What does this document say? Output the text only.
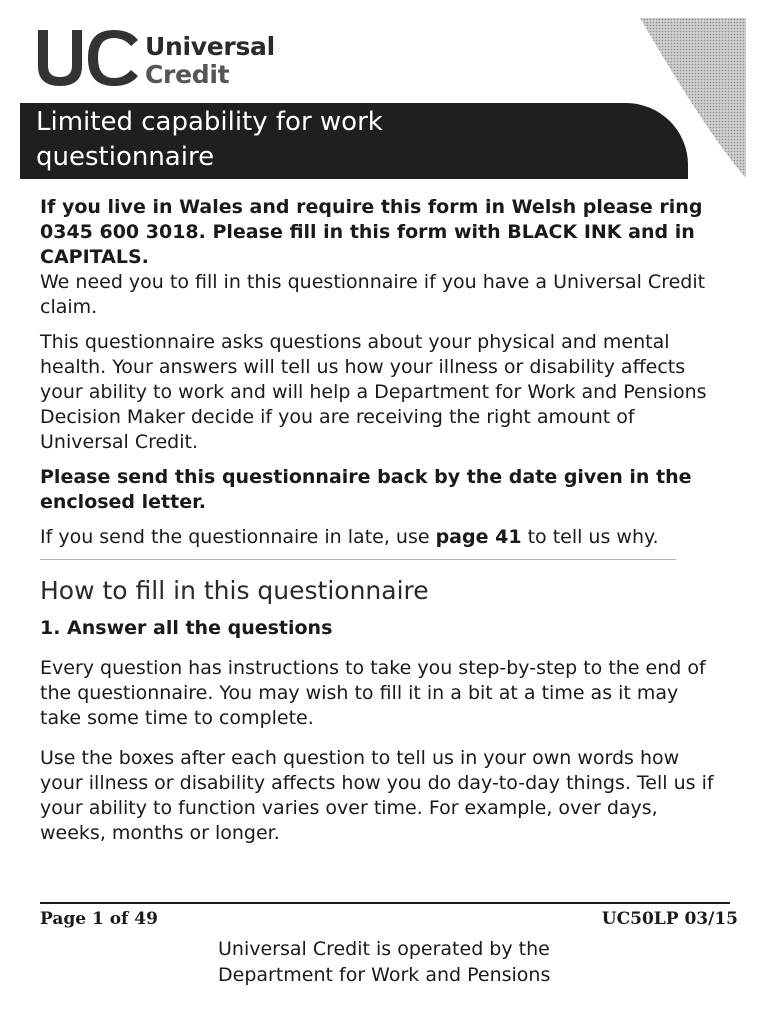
Universal
Credit
Limited capability for work questionnaire

If you live in Wales and require this form in Welsh please ring 0345 600 3018. Please fill in this form with BLACK INK and in CAPITALS.

We need you to fill in this questionnaire if you have a Universal Credit claim.

This questionnaire asks questions about your physical and mental health. Your answers will tell us how your illness or disability affects your ability to work and will help a Department for Work and Pensions Decision Maker decide if you are receiving the right amount of Universal Credit.

Please send this questionnaire back by the date given in the enclosed letter.

If you send the questionnaire in late, use page 41 to tell us why.

How to fill in this questionnaire

1. Answer all the questions

Every question has instructions to take you step-by-step to the end of the questionnaire. You may wish to fill it in a bit at a time as it may take some time to complete.

Use the boxes after each question to tell us in your own words how your illness or disability affects how you do day-to-day things. Tell us if your ability to function varies over time. For example, over days, weeks, months or longer.

Page 1 of 49	UC50LP 03/15
Universal Credit is operated by the
Department for Work and Pensions
